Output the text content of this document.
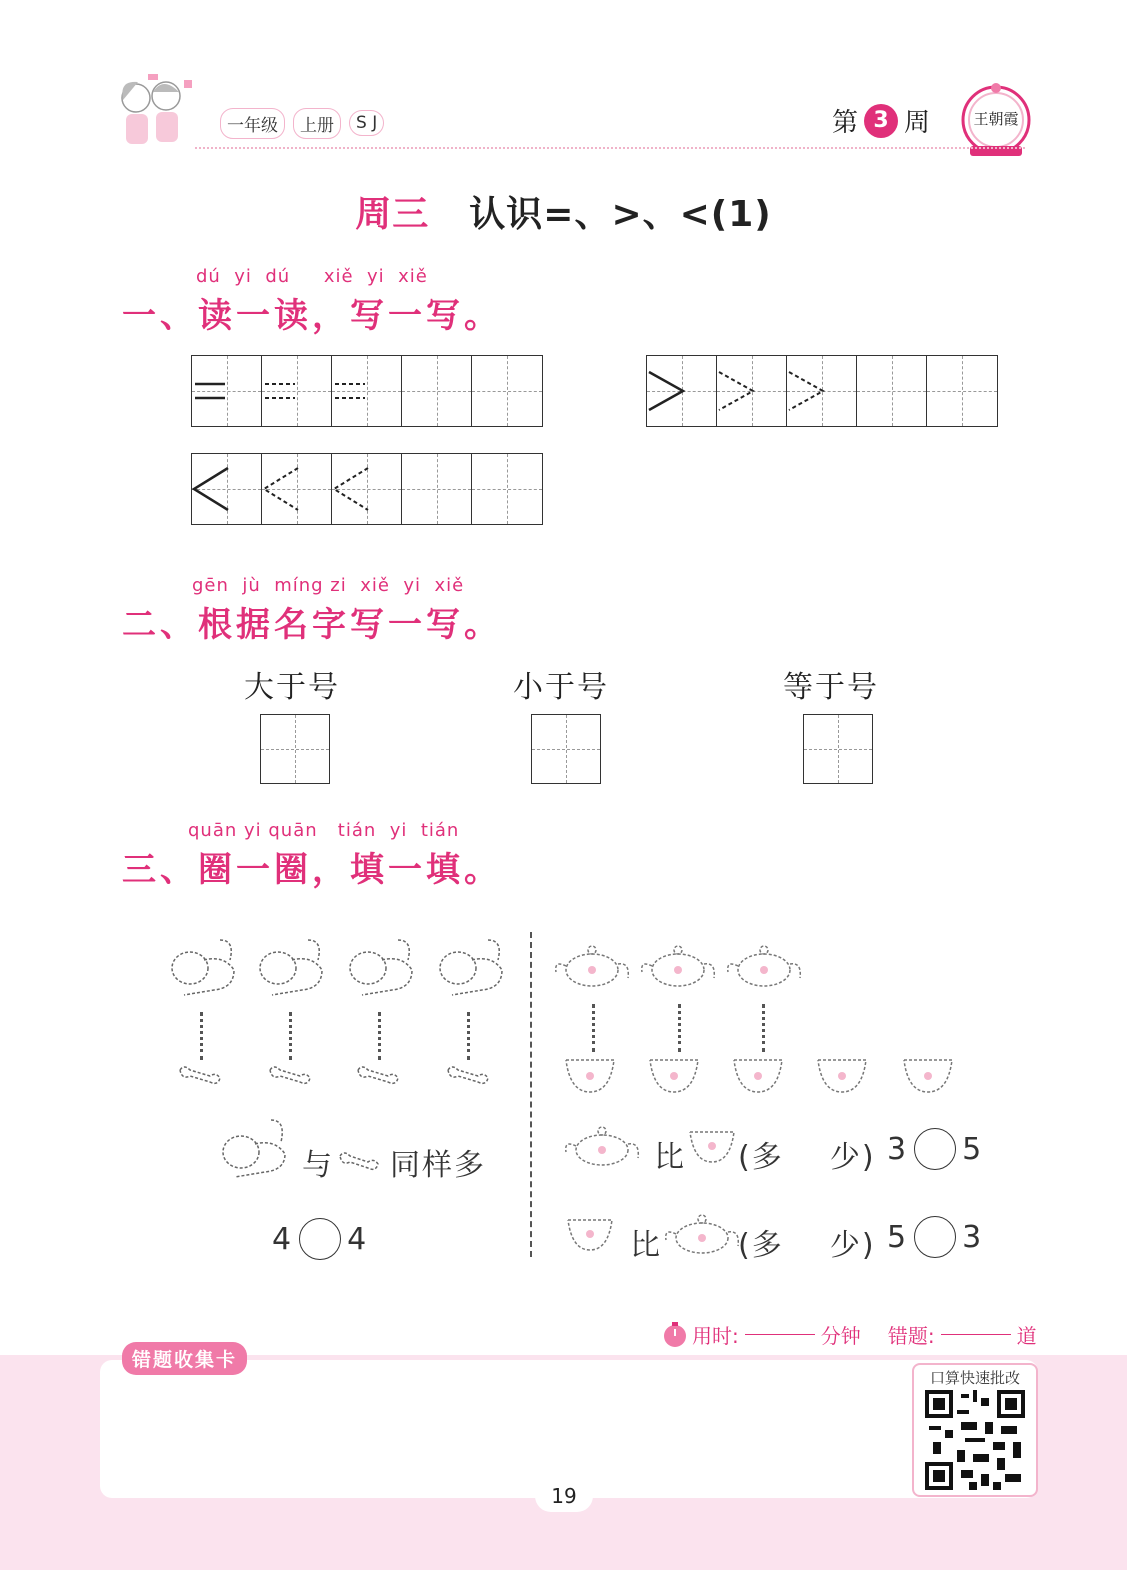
一年级	上册	S J	第 3 周	王朝霞
周三 认识=、>、<(1)
dú  yi  dú     xiě  yi  xiě
一、读一读，写一写。
gēn  jù  míng zi  xiě  yi  xiě
二、根据名字写一写。
大于号	小于号	等于号
quān yi quān   tián  yi  tián
三、圈一圈，填一填。
与 同样多
4 4
比 (多    少) 3 5
比	(多    少) 5 3
用时:	分钟
错题:	道
错题收集卡
口算快速批改
19
